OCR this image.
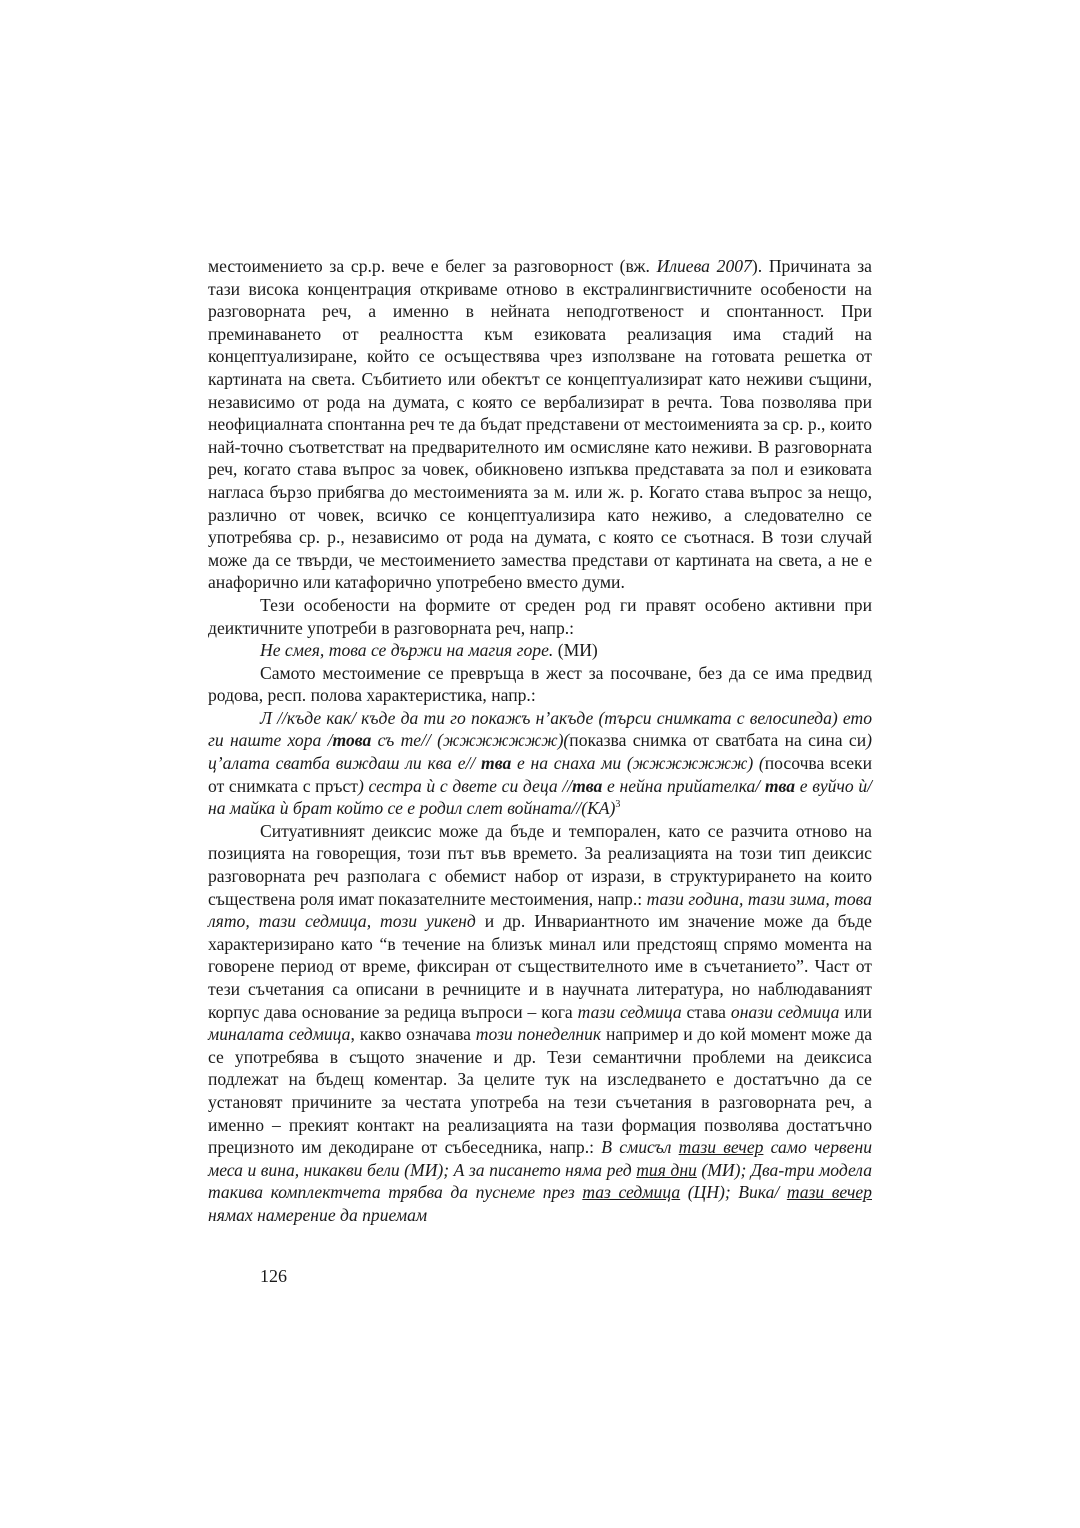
местоимението за ср.р. вече е белег за разговорност (вж. Илиева 2007). Причината за тази висока концентрация откриваме отново в екстралингвистичните особености на разговорната реч, а именно в нейната неподготвеност и спонтанност. При преминаването от реалността към езиковата реализация има стадий на концептуализиране, който се осъществява чрез използване на готовата решетка от картината на света. Събитието или обектът се концептуализират като неживи същини, независимо от рода на думата, с която се вербализират в речта. Това позволява при неофициалната спонтанна реч те да бъдат представени от местоименията за ср. р., които най-точно съответстват на предварителното им осмисляне като неживи. В разговорната реч, когато става въпрос за човек, обикновено изпъква представата за пол и езиковата нагласа бързо прибягва до местоименията за м. или ж. р. Когато става въпрос за нещо, различно от човек, всичко се концептуализира като неживо, а следователно се употребява ср. р., независимо от рода на думата, с която се съотнася. В този случай може да се твърди, че местоимението замества представи от картината на света, а не е анафорично или катафорично употребено вместо думи.

Тези особености на формите от среден род ги правят особено активни при деиктичните употреби в разговорната реч, напр.:

Не смея, това се държи на магия горе. (МИ)

Самото местоимение се превръща в жест за посочване, без да се има предвид родова, респ. полова характеристика, напр.:

Л //къде как/ къде да ти го покажъ н’акъде (търси снимката с велосипеда) ето ги наште хора /това съ те// (жжжжжжж)(показва снимка от сватбата на сина си) ц’алата сватба виждаш ли ква е// тва е на снаха ми (жжжжжжж) (посочва всеки от снимката с пръст) сестра ѝ с двете си деца //тва е нейна прийателка/ тва е вуйчо ѝ/на майка ѝ брат който се е родил слет войната//(КА)$^3$

Ситуативният деиксис може да бъде и темпорален, като се разчита отново на позицията на говорещия, този път във времето. За реализацията на този тип деиксис разговорната реч разполага с обемист набор от изрази, в структурирането на които съществена роля имат показателните местоимения, напр.: тази година, тази зима, това лято, тази седмица, този уикенд и др. Инвариантното им значение може да бъде характеризирано като “в течение на близък минал или предстоящ спрямо момента на говорене период от време, фиксиран от съществителното име в съчетанието”. Част от тези съчетания са описани в речниците и в научната литература, но наблюдаваният корпус дава основание за редица въпроси – кога тази седмица става онази седмица или миналата седмица, какво означава този понеделник например и до кой момент може да се употребява в същото значение и др. Тези семантични проблеми на деиксиса подлежат на бъдещ коментар. За целите тук на изследването е достатъчно да се установят причините за честата употреба на тези съчетания в разговорната реч, а именно – прекият контакт на реализацията на тази формация позволява достатъчно прецизното им декодиране от събеседника, напр.: В смисъл тази вечер само червени меса и вина, никакви бели (МИ); А за писането няма ред тия дни (МИ); Два-три модела такива комплектчета трябва да пуснеме през таз седмица (ЦН); Вика/ тази вечер нямах намерение да приемам

126
